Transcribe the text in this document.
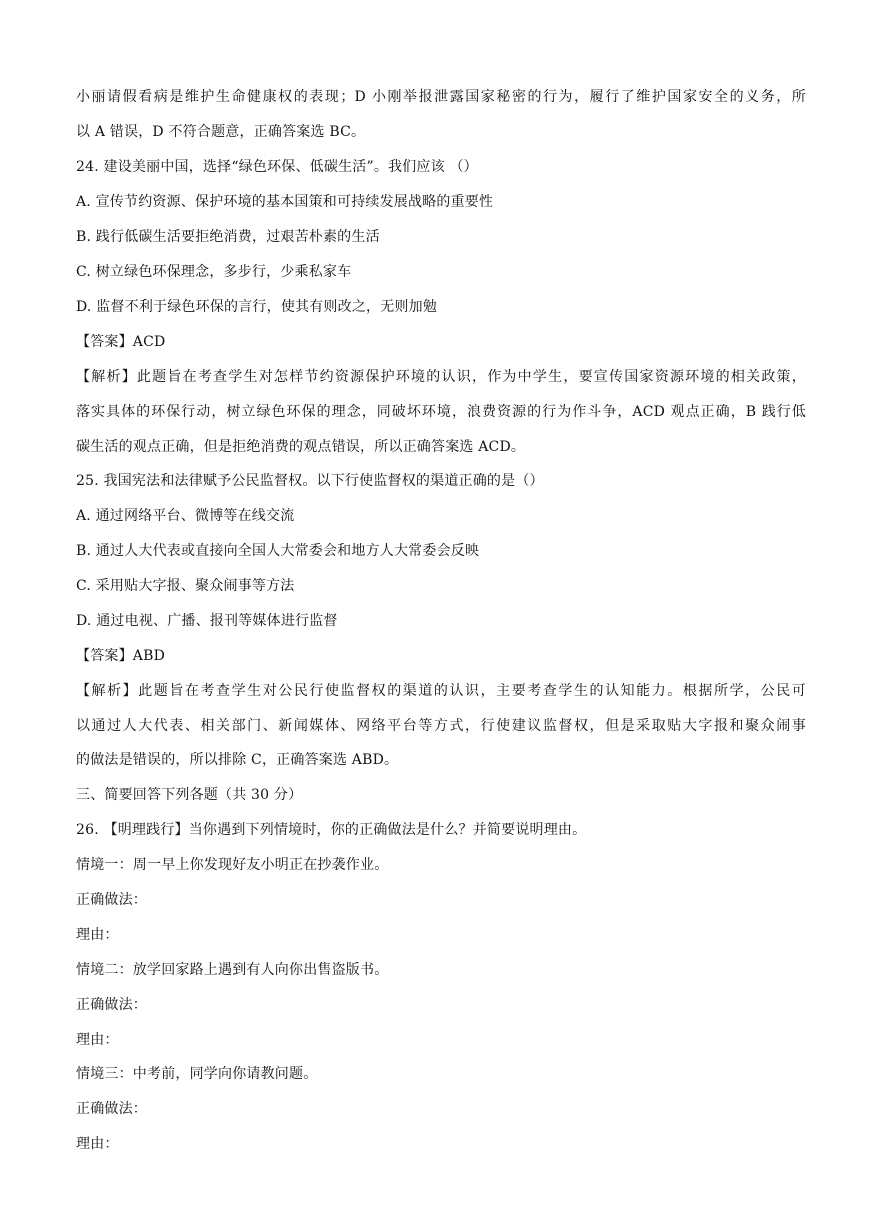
小丽请假看病是维护生命健康权的表现；D 小刚举报泄露国家秘密的行为，履行了维护国家安全的义务，所
以 A 错误，D 不符合题意，正确答案选 BC。
24. 建设美丽中国，选择“绿色环保、低碳生活”。我们应该 （）
A. 宣传节约资源、保护环境的基本国策和可持续发展战略的重要性
B. 践行低碳生活要拒绝消费，过艰苦朴素的生活
C. 树立绿色环保理念，多步行，少乘私家车
D. 监督不利于绿色环保的言行，使其有则改之，无则加勉
【答案】ACD
【解析】此题旨在考查学生对怎样节约资源保护环境的认识，作为中学生，要宣传国家资源环境的相关政策，
落实具体的环保行动，树立绿色环保的理念，同破坏环境，浪费资源的行为作斗争，ACD 观点正确，B 践行低
碳生活的观点正确，但是拒绝消费的观点错误，所以正确答案选 ACD。
25. 我国宪法和法律赋予公民监督权。以下行使监督权的渠道正确的是（）
A. 通过网络平台、微博等在线交流
B. 通过人大代表或直接向全国人大常委会和地方人大常委会反映
C. 采用贴大字报、聚众闹事等方法
D. 通过电视、广播、报刊等媒体进行监督
【答案】ABD
【解析】此题旨在考查学生对公民行使监督权的渠道的认识，主要考查学生的认知能力。根据所学，公民可
以通过人大代表、相关部门、新闻媒体、网络平台等方式，行使建议监督权，但是采取贴大字报和聚众闹事
的做法是错误的，所以排除 C，正确答案选 ABD。
三、简要回答下列各题（共 30 分）
26. 【明理践行】当你遇到下列情境时，你的正确做法是什么？并简要说明理由。
情境一：周一早上你发现好友小明正在抄袭作业。
正确做法：
理由：
情境二：放学回家路上遇到有人向你出售盗版书。
正确做法：
理由：
情境三：中考前，同学向你请教问题。
正确做法：
理由：
